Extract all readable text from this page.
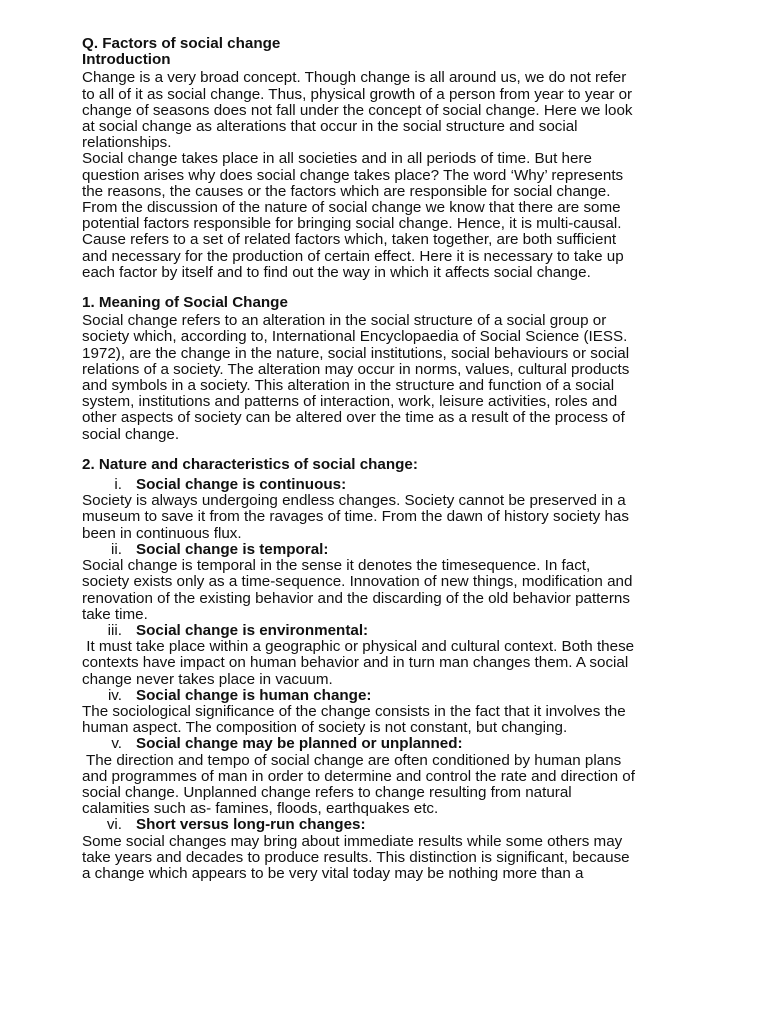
Q. Factors of social change
Introduction
Change is a very broad concept. Though change is all around us, we do not refer
to all of it as social change. Thus, physical growth of a person from year to year or
change of seasons does not fall under the concept of social change. Here we look
at social change as alterations that occur in the social structure and social
relationships.
Social change takes place in all societies and in all periods of time. But here
question arises why does social change takes place? The word ‘Why’ represents
the reasons, the causes or the factors which are responsible for social change.
From the discussion of the nature of social change we know that there are some
potential factors responsible for bringing social change. Hence, it is multi-causal.
Cause refers to a set of related factors which, taken together, are both sufficient
and necessary for the production of certain effect. Here it is necessary to take up
each factor by itself and to find out the way in which it affects social change.
1. Meaning of Social Change
Social change refers to an alteration in the social structure of a social group or
society which, according to, International Encyclopaedia of Social Science (IESS.
1972), are the change in the nature, social institutions, social behaviours or social
relations of a society. The alteration may occur in norms, values, cultural products
and symbols in a society. This alteration in the structure and function of a social
system, institutions and patterns of interaction, work, leisure activities, roles and
other aspects of society can be altered over the time as a result of the process of
social change.
2. Nature and characteristics of social change:
i. Social change is continuous:
Society is always undergoing endless changes. Society cannot be preserved in a
museum to save it from the ravages of time. From the dawn of history society has
been in continuous flux.
ii. Social change is temporal:
Social change is temporal in the sense it denotes the timesequence. In fact,
society exists only as a time-sequence. Innovation of new things, modification and
renovation of the existing behavior and the discarding of the old behavior patterns
take time.
iii. Social change is environmental:
It must take place within a geographic or physical and cultural context. Both these
contexts have impact on human behavior and in turn man changes them. A social
change never takes place in vacuum.
iv. Social change is human change:
The sociological significance of the change consists in the fact that it involves the
human aspect. The composition of society is not constant, but changing.
v. Social change may be planned or unplanned:
The direction and tempo of social change are often conditioned by human plans
and programmes of man in order to determine and control the rate and direction of
social change. Unplanned change refers to change resulting from natural
calamities such as- famines, floods, earthquakes etc.
vi. Short versus long-run changes:
Some social changes may bring about immediate results while some others may
take years and decades to produce results. This distinction is significant, because
a change which appears to be very vital today may be nothing more than a
